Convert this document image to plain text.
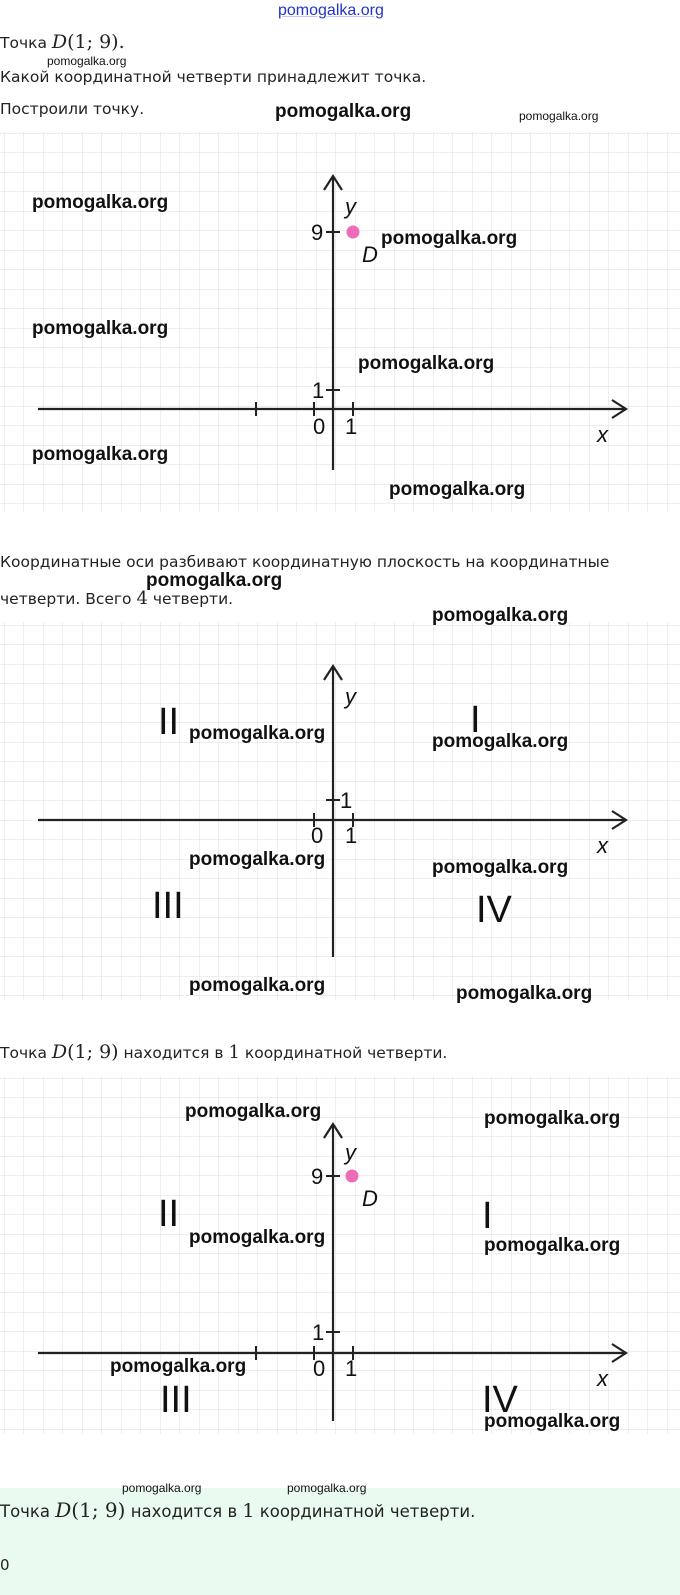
pomogalka.org
Точка D(1; 9).
Какой координатной четверти принадлежит точка.
Построили точку.
y
x
9
1
0 1
D
Координатные оси разбивают координатную плоскость на координатные
четверти. Всего 4 четверти.
y
x
1
0 1
I
II
III	IV
Точка D(1; 9) находится в 1 координатной четверти.
y
x
9
1
0 1
D	I
II
III	IV
Точка D(1; 9) находится в 1 координатной четверти.
0
pomogalka.org
pomogalka.org	pomogalka.org
pomogalka.org
pomogalka.org
pomogalka.org
pomogalka.org
pomogalka.org
pomogalka.org
pomogalka.org
pomogalka.org
pomogalka.org	pomogalka.org
pomogalka.org	pomogalka.org
pomogalka.org	pomogalka.org
pomogalka.org	pomogalka.org
pomogalka.org	pomogalka.org
pomogalka.org
pomogalka.org
pomogalka.org	pomogalka.org
